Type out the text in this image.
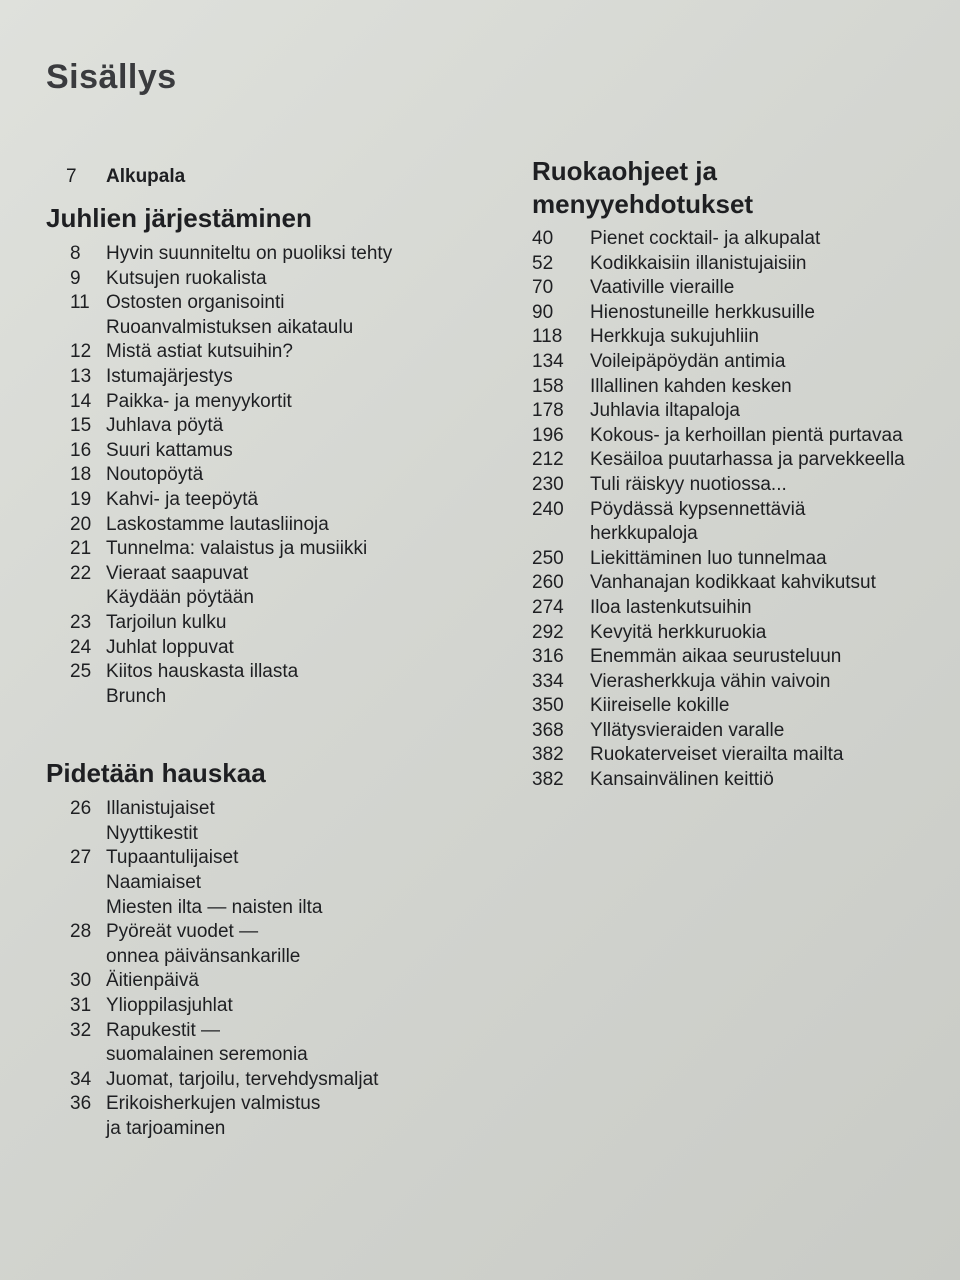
Sisällys
7	Alkupala
Juhlien järjestäminen
8	Hyvin suunniteltu on puoliksi tehty
9	Kutsujen ruokalista
11 Ostosten organisointi
Ruoanvalmistuksen aikataulu
12 Mistä astiat kutsuihin?
13 Istumajärjestys
14 Paikka- ja menyykortit
15 Juhlava pöytä
16 Suuri kattamus
18 Noutopöytä
19 Kahvi- ja teepöytä
20 Laskostamme lautasliinoja
21 Tunnelma: valaistus ja musiikki
22 Vieraat saapuvat
Käydään pöytään
23 Tarjoilun kulku
24 Juhlat loppuvat
25 Kiitos hauskasta illasta
Brunch
Pidetään hauskaa
26 Illanistujaiset
Nyyttikestit
27 Tupaantulijaiset
Naamiaiset
Miesten ilta — naisten ilta
28 Pyöreät vuodet —
onnea päivänsankarille
30 Äitienpäivä
31 Ylioppilasjuhlat
32 Rapukestit —
suomalainen seremonia
34 Juomat, tarjoilu, tervehdysmaljat
36 Erikoisherkujen valmistus
ja tarjoaminen
Ruokaohjeet ja
menyyehdotukset
40	Pienet cocktail- ja alkupalat
52	Kodikkaisiin illanistujaisiin
70	Vaativille vieraille
90	Hienostuneille herkkusuille
118	Herkkuja sukujuhliin
134	Voileipäpöydän antimia
158	Illallinen kahden kesken
178	Juhlavia iltapaloja
196	Kokous- ja kerhoillan pientä purtavaa
212	Kesäiloa puutarhassa ja parvekkeella
230	Tuli räiskyy nuotiossa...
240	Pöydässä kypsennettäviä
herkkupaloja
250	Liekittäminen luo tunnelmaa
260	Vanhanajan kodikkaat kahvikutsut
274	Iloa lastenkutsuihin
292	Kevyitä herkkuruokia
316	Enemmän aikaa seurusteluun
334	Vierasherkkuja vähin vaivoin
350	Kiireiselle kokille
368	Yllätysvieraiden varalle
382	Ruokaterveiset vierailta mailta
382	Kansainvälinen keittiö
